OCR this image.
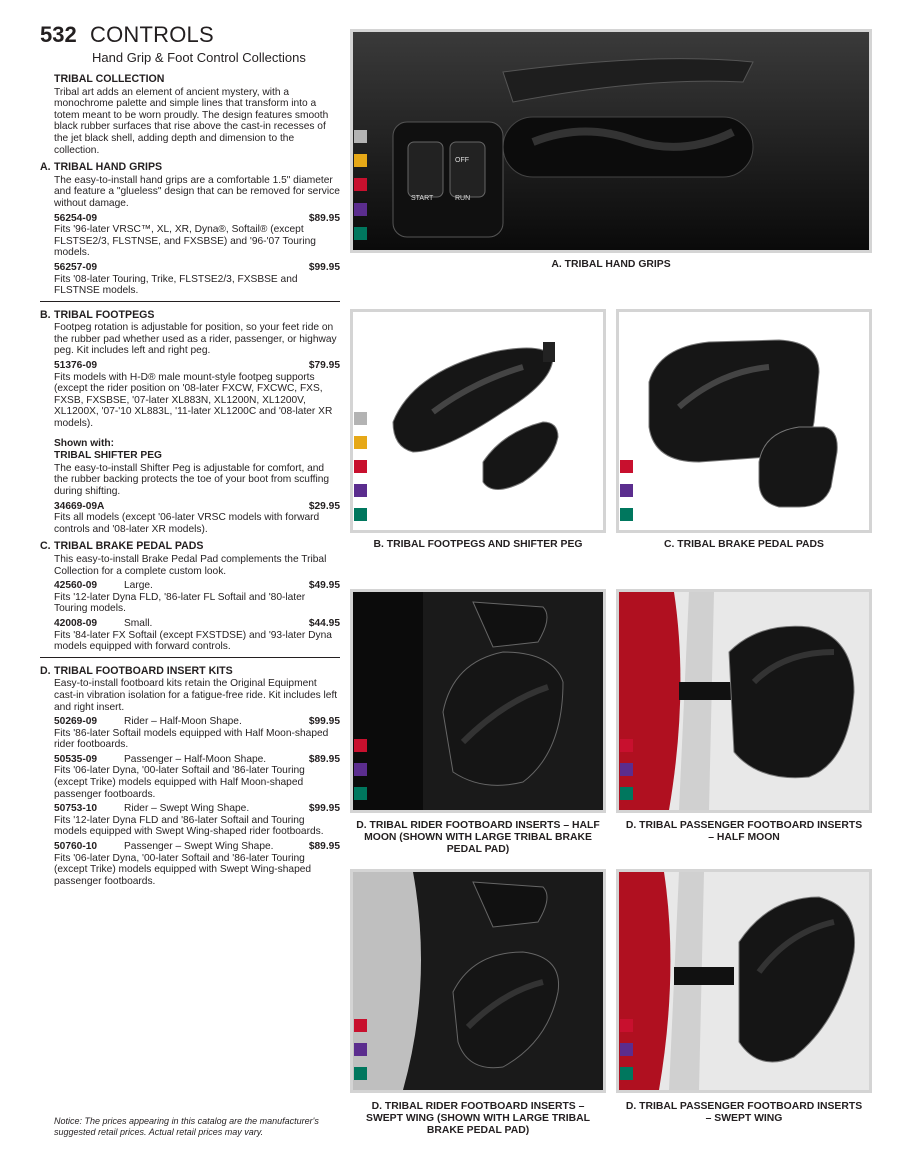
532 CONTROLS
Hand Grip & Foot Control Collections
TRIBAL COLLECTION
Tribal art adds an element of ancient mystery, with a monochrome palette and simple lines that transform into a totem meant to be worn proudly. The design features smooth black rubber surfaces that rise above the cast-in recesses of the jet black shell, adding depth and dimension to the collection.
A. TRIBAL HAND GRIPS
The easy-to-install hand grips are a comfortable 1.5" diameter and feature a "glueless" design that can be removed for service without damage.
56254-09	$89.95
Fits '96-later VRSC™, XL, XR, Dyna®, Softail® (except FLSTSE2/3, FLSTNSE, and FXSBSE) and '96-'07 Touring models.
56257-09	$99.95
Fits '08-later Touring, Trike, FLSTSE2/3, FXSBSE and FLSTNSE models.
B. TRIBAL FOOTPEGS
Footpeg rotation is adjustable for position, so your feet ride on the rubber pad whether used as a rider, passenger, or highway peg. Kit includes left and right peg.
51376-09	$79.95
Fits models with H-D® male mount-style footpeg supports (except the rider position on '08-later FXCW, FXCWC, FXS, FXSB, FXSBSE, '07-later XL883N, XL1200N, XL1200V, XL1200X, '07-'10 XL883L, '11-later XL1200C and '08-later XR models).
Shown with:
TRIBAL SHIFTER PEG
The easy-to-install Shifter Peg is adjustable for comfort, and the rubber backing protects the toe of your boot from scuffing during shifting.
34669-09A	$29.95
Fits all models (except '06-later VRSC models with forward controls and '08-later XR models).
C. TRIBAL BRAKE PEDAL PADS
This easy-to-install Brake Pedal Pad complements the Tribal Collection for a complete custom look.
42560-09	Large.	$49.95
Fits '12-later Dyna FLD, '86-later FL Softail and '80-later Touring models.
42008-09	Small.	$44.95
Fits '84-later FX Softail (except FXSTDSE) and '93-later Dyna models equipped with forward controls.
D. TRIBAL FOOTBOARD INSERT KITS
Easy-to-install footboard kits retain the Original Equipment cast-in vibration isolation for a fatigue-free ride. Kit includes left and right insert.
50269-09	Rider – Half-Moon Shape.	$99.95
Fits '86-later Softail models equipped with Half Moon-shaped rider footboards.
50535-09	Passenger – Half-Moon Shape.	$89.95
Fits '06-later Dyna, '00-later Softail and '86-later Touring (except Trike) models equipped with Half Moon-shaped passenger footboards.
50753-10	Rider – Swept Wing Shape.	$99.95
Fits '12-later Dyna FLD and '86-later Softail and Touring models equipped with Swept Wing-shaped rider footboards.
50760-10	Passenger – Swept Wing Shape.	$89.95
Fits '06-later Dyna, '00-later Softail and '86-later Touring (except Trike) models equipped with Swept Wing-shaped passenger footboards.
OFF
START	RUN
A. TRIBAL HAND GRIPS
B. TRIBAL FOOTPEGS AND SHIFTER PEG	C. TRIBAL BRAKE PEDAL PADS
D. TRIBAL RIDER FOOTBOARD INSERTS – HALF MOON (SHOWN WITH LARGE TRIBAL BRAKE PEDAL PAD)
D. TRIBAL PASSENGER FOOTBOARD INSERTS – HALF MOON
D. TRIBAL RIDER FOOTBOARD INSERTS – SWEPT WING (SHOWN WITH LARGE TRIBAL BRAKE PEDAL PAD)
D. TRIBAL PASSENGER FOOTBOARD INSERTS – SWEPT WING
Notice: The prices appearing in this catalog are the manufacturer's suggested retail prices. Actual retail prices may vary.
